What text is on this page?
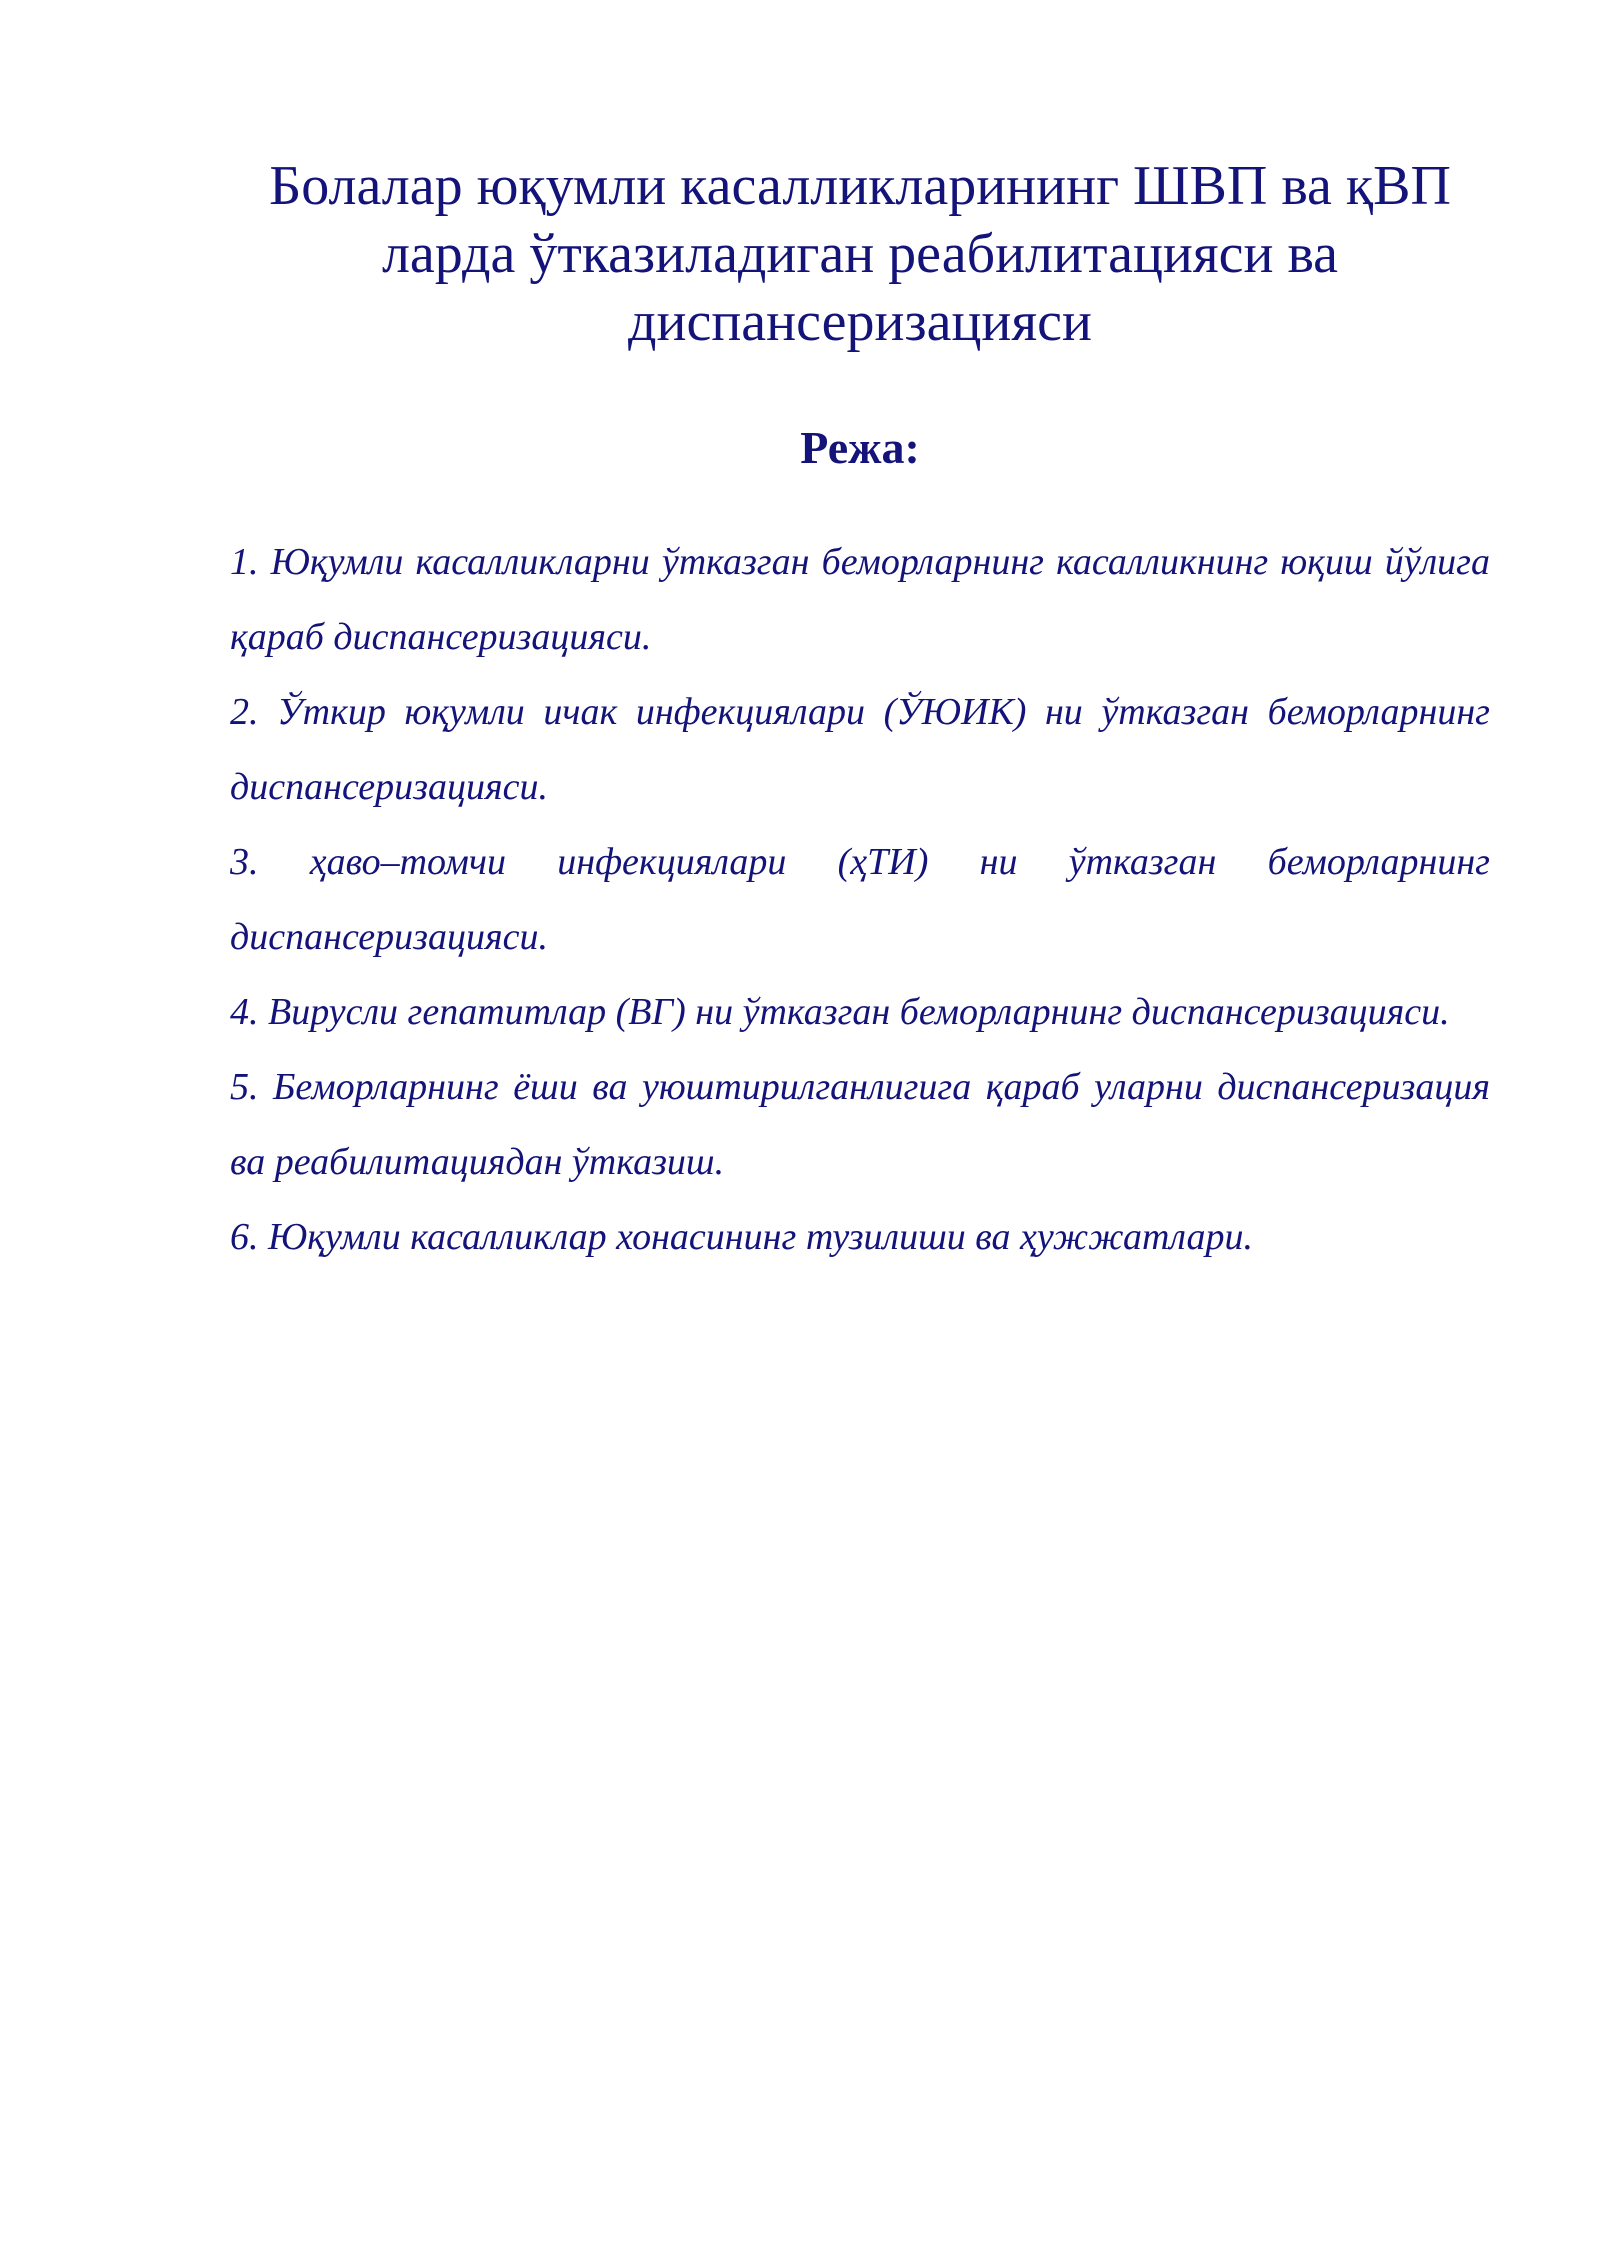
Болалар юқумли касалликларининг ШВП ва қВП
ларда ўтказиладиган реабилитацияси ва
диспансеризацияси
Режа:
1. Юқумли касалликларни ўтказган беморларнинг касалликнинг юқиш йўлига қараб диспансеризацияси.
2. Ўткир юқумли ичак инфекциялари (ЎЮИК) ни ўтказган беморларнинг диспансеризацияси.
3. ҳаво–томчи инфекциялари (ҳТИ) ни ўтказган беморларнинг диспансеризацияси.
4. Вирусли гепатитлар (ВГ) ни ўтказган беморларнинг диспансеризацияси.
5. Беморларнинг ёши ва уюштирилганлигига қараб уларни диспансеризация ва реабилитациядан ўтказиш.
6. Юқумли касалликлар хонасининг тузилиши ва ҳужжатлари.
